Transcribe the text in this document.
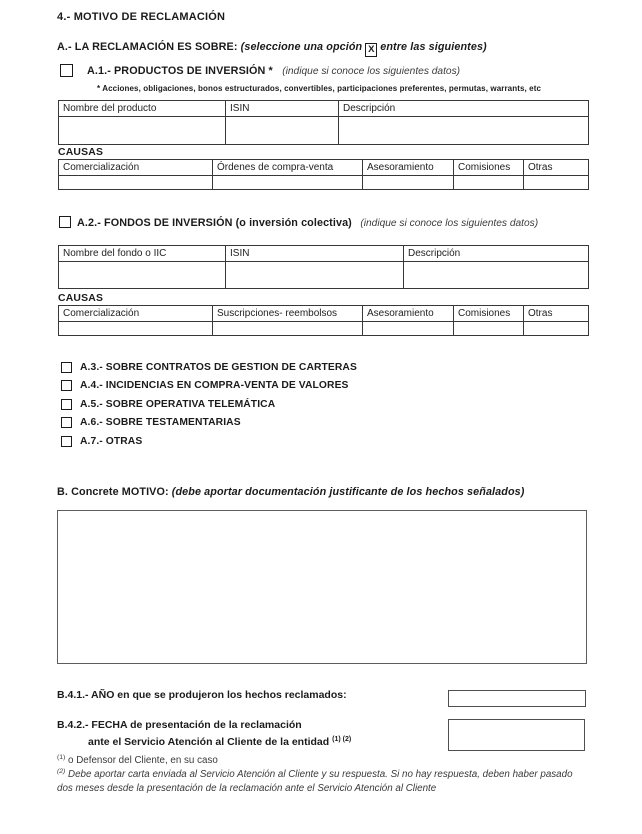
4.- MOTIVO DE RECLAMACIÓN
A.- LA RECLAMACIÓN ES SOBRE: (seleccione una opción X entre las siguientes)
A.1.- PRODUCTOS DE INVERSIÓN * (indique si conoce los siguientes datos)
* Acciones, obligaciones, bonos estructurados, convertibles, participaciones preferentes, permutas, warrants, etc
Nombre del producto	ISIN	Descripción

CAUSAS
Comercialización	Órdenes de compra-venta	Asesoramiento	Comisiones	Otras

A.2.- FONDOS DE INVERSIÓN (o inversión colectiva) (indique si conoce los siguientes datos)
Nombre del fondo o IIC	ISIN	Descripción

CAUSAS
Comercialización	Suscripciones- reembolsos	Asesoramiento	Comisiones	Otras

A.3.- SOBRE CONTRATOS DE GESTION DE CARTERAS
A.4.- INCIDENCIAS EN COMPRA-VENTA DE VALORES
A.5.- SOBRE OPERATIVA TELEMÁTICA
A.6.- SOBRE TESTAMENTARIAS
A.7.- OTRAS
B. Concrete MOTIVO: (debe aportar documentación justificante de los hechos señalados)
B.4.1.- AÑO en que se produjeron los hechos reclamados:
B.4.2.- FECHA de presentación de la reclamación
ante el Servicio Atención al Cliente de la entidad $^{(1) (2)}$
$^{(1)}$ o Defensor del Cliente, en su caso
$^{(2)}$ Debe aportar carta enviada al Servicio Atención al Cliente y su respuesta. Si no hay respuesta, deben haber pasado dos meses desde la presentación de la reclamación ante el Servicio Atención al Cliente
